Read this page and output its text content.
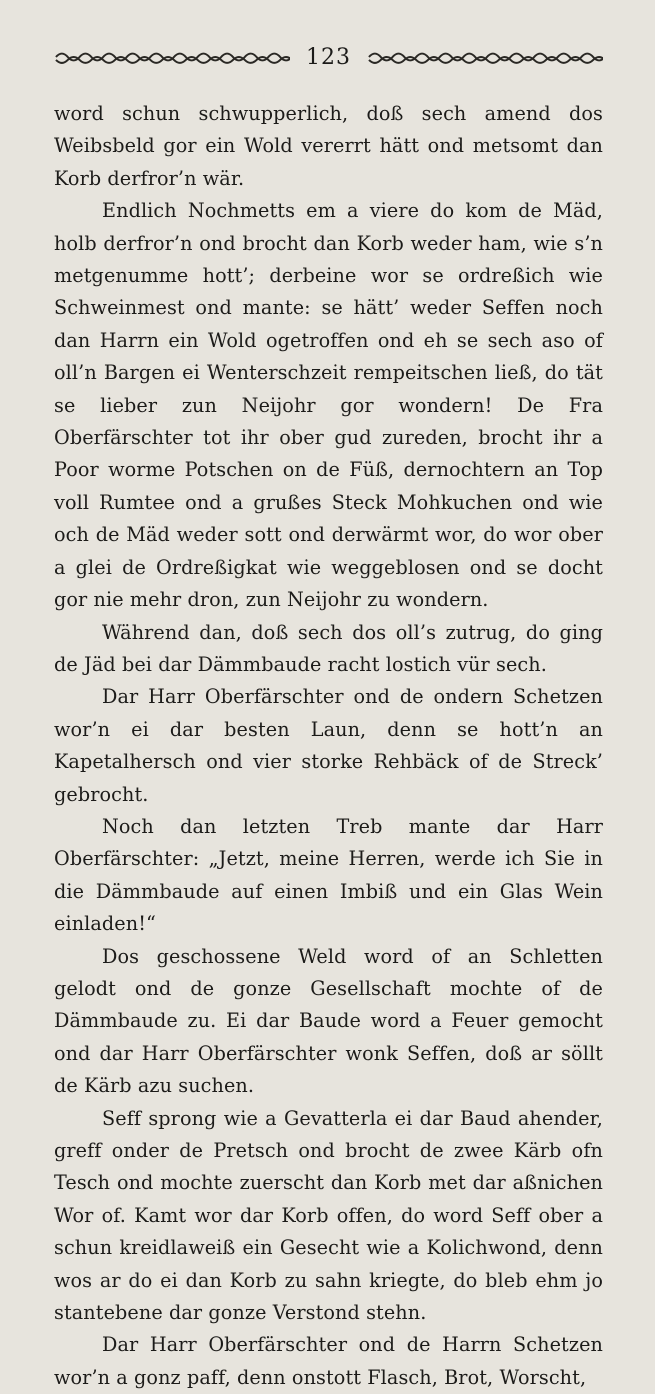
123

word schun schwupperlich, doß sech amend dos Weibsbeld gor ein Wold vererrt hätt ond metsomt dan Korb derfror’n wär.

Endlich Nochmetts em a viere do kom de Mäd, holb derfror’n ond brocht dan Korb weder ham, wie s’n metgenumme hott’; derbeine wor se ordreßich wie Schweinmest ond mante: se hätt’ weder Seffen noch dan Harrn ein Wold ogetroffen ond eh se sech aso of oll’n Bargen ei Wenterschzeit rempeitschen ließ, do tät se lieber zun Neijohr gor wondern! De Fra Oberfärschter tot ihr ober gud zureden, brocht ihr a Poor worme Potschen on de Füß, dernochtern an Top voll Rumtee ond a grußes Steck Mohkuchen ond wie och de Mäd weder sott ond derwärmt wor, do wor ober a glei de Ordreßigkat wie weggeblosen ond se docht gor nie mehr dron, zun Neijohr zu wondern.

Während dan, doß sech dos oll’s zutrug, do ging de Jäd bei dar Dämmbaude racht lostich vür sech.

Dar Harr Oberfärschter ond de ondern Schetzen wor’n ei dar besten Laun, denn se hott’n an Kapetalhersch ond vier storke Rehbäck of de Streck’ gebrocht.

Noch dan letzten Treb mante dar Harr Oberfärschter: „Jetzt, meine Herren, werde ich Sie in die Dämmbaude auf einen Imbiß und ein Glas Wein einladen!“

Dos geschossene Weld word of an Schletten gelodt ond de gonze Gesellschaft mochte of de Dämmbaude zu. Ei dar Baude word a Feuer gemocht ond dar Harr Oberfärschter wonk Seffen, doß ar söllt de Kärb azu suchen.

Seff sprong wie a Gevatterla ei dar Baud ahender, greff onder de Pretsch ond brocht de zwee Kärb ofn Tesch ond mochte zuerscht dan Korb met dar aßnichen Wor of. Kamt wor dar Korb offen, do word Seff ober a schun kreidlaweiß ein Gesecht wie a Kolichwond, denn wos ar do ei dan Korb zu sahn kriegte, do bleb ehm jo stantebene dar gonze Verstond stehn.

Dar Harr Oberfärschter ond de Harrn Schetzen wor’n a gonz paff, denn onstott Flasch, Brot, Worscht,
